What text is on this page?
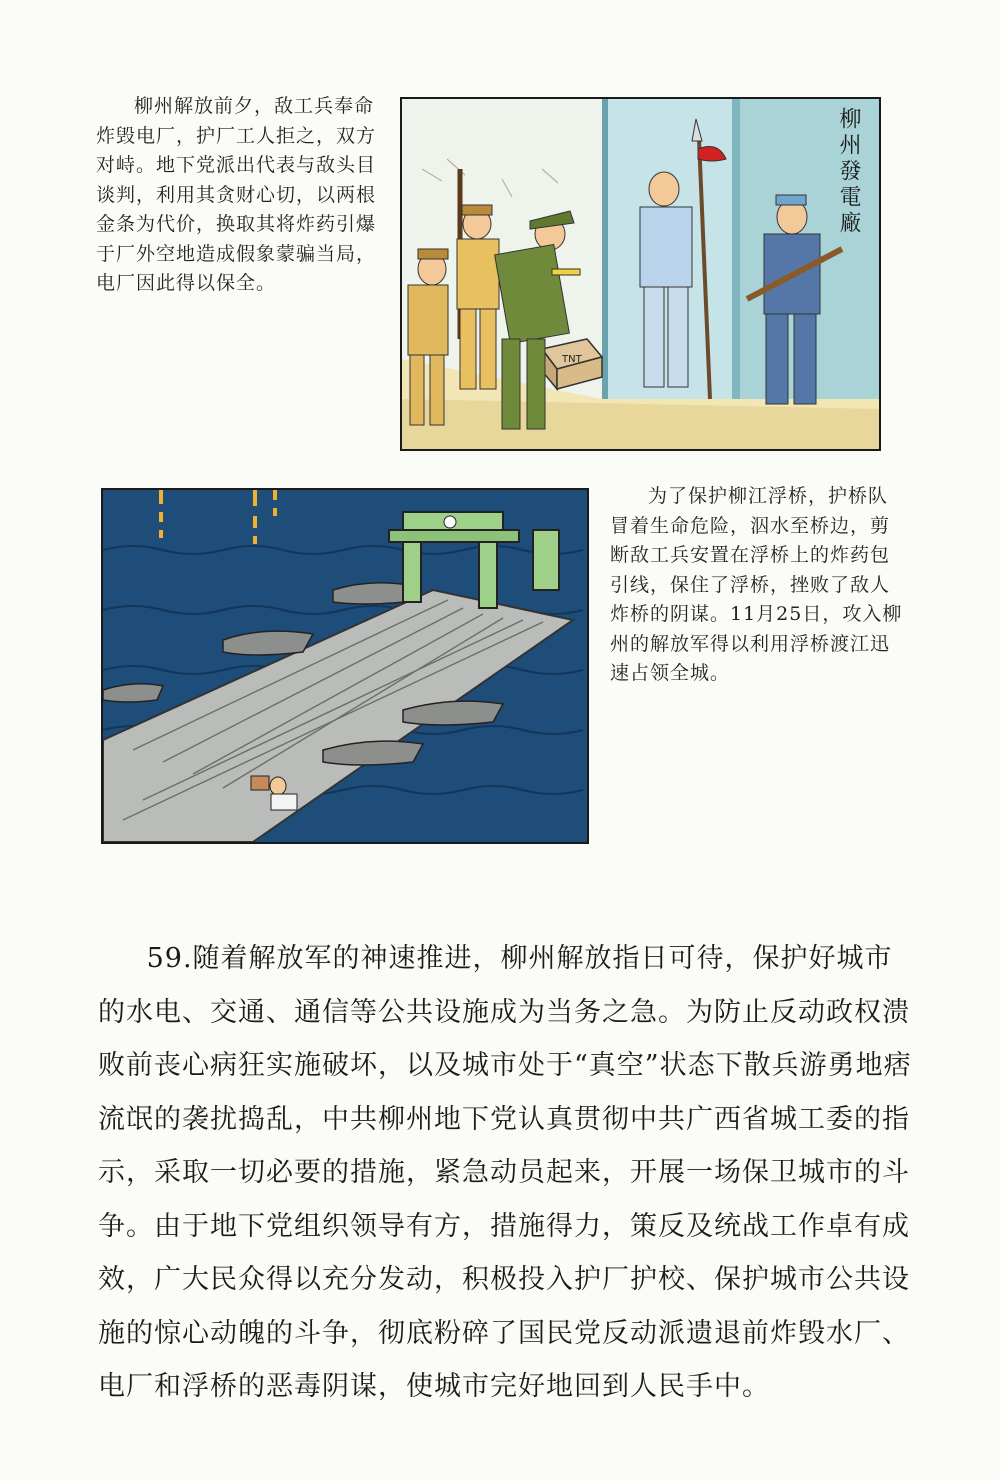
柳州解放前夕，敌工兵奉命炸毁电厂，护厂工人拒之，双方对峙。地下党派出代表与敌头目谈判，利用其贪财心切，以两根金条为代价，换取其将炸药引爆于厂外空地造成假象蒙骗当局，电厂因此得以保全。

TNT
柳州發電廠

为了保护柳江浮桥，护桥队冒着生命危险，泅水至桥边，剪断敌工兵安置在浮桥上的炸药包引线，保住了浮桥，挫败了敌人炸桥的阴谋。11月25日，攻入柳州的解放军得以利用浮桥渡江迅速占领全城。

59.随着解放军的神速推进，柳州解放指日可待，保护好城市的水电、交通、通信等公共设施成为当务之急。为防止反动政权溃败前丧心病狂实施破坏，以及城市处于“真空”状态下散兵游勇地痞流氓的袭扰捣乱，中共柳州地下党认真贯彻中共广西省城工委的指示，采取一切必要的措施，紧急动员起来，开展一场保卫城市的斗争。由于地下党组织领导有方，措施得力，策反及统战工作卓有成效，广大民众得以充分发动，积极投入护厂护校、保护城市公共设施的惊心动魄的斗争，彻底粉碎了国民党反动派遗退前炸毁水厂、电厂和浮桥的恶毒阴谋，使城市完好地回到人民手中。
